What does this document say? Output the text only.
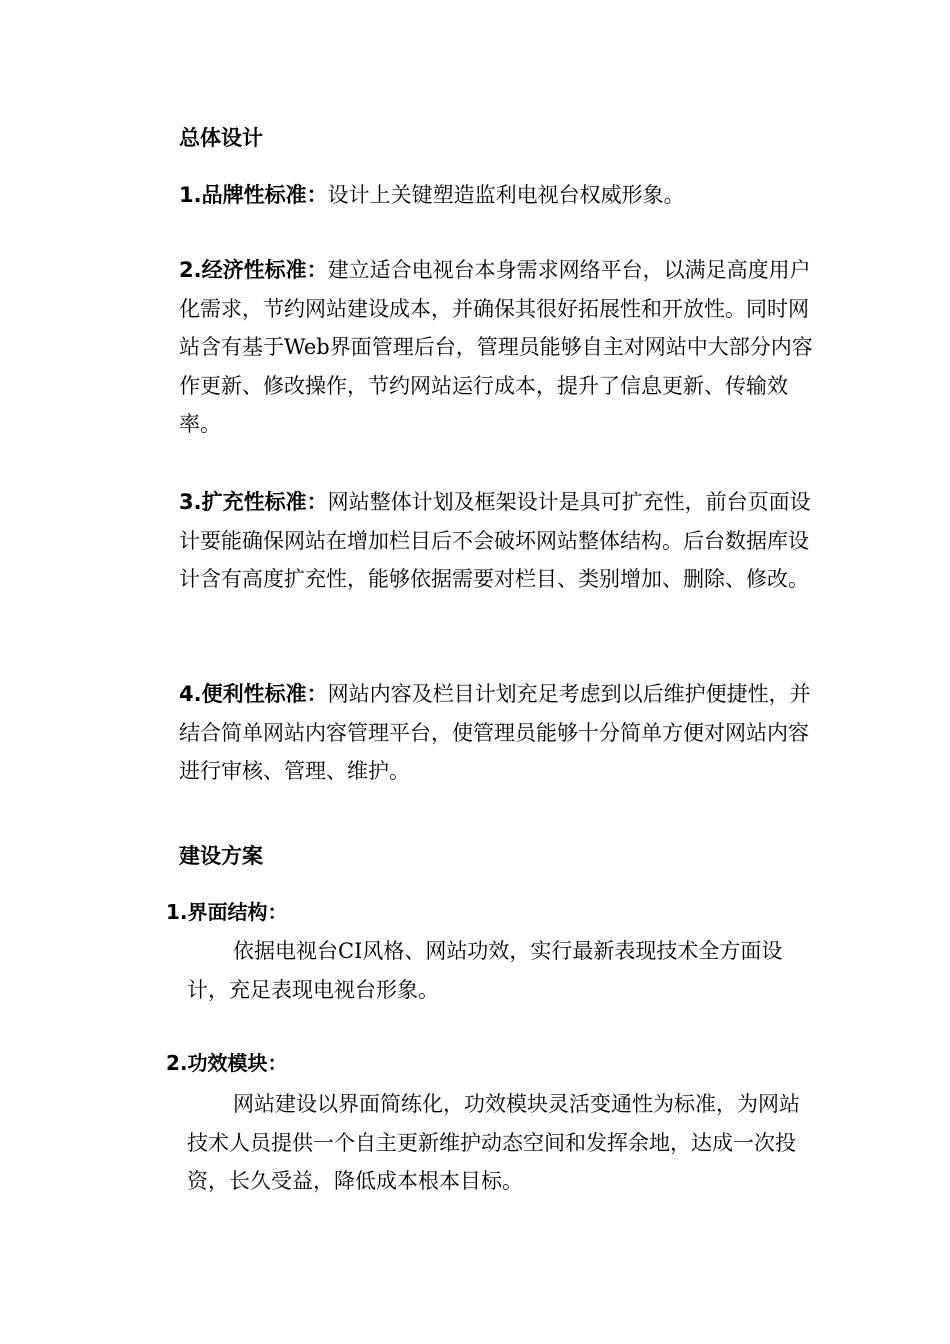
总体设计

1.品牌性标准：设计上关键塑造监利电视台权威形象。

2.经济性标准：建立适合电视台本身需求网络平台，以满足高度用户化需求，节约网站建设成本，并确保其很好拓展性和开放性。同时网站含有基于Web界面管理后台，管理员能够自主对网站中大部分内容作更新、修改操作，节约网站运行成本，提升了信息更新、传输效率。

3.扩充性标准：网站整体计划及框架设计是具可扩充性，前台页面设计要能确保网站在增加栏目后不会破坏网站整体结构。后台数据库设计含有高度扩充性，能够依据需要对栏目、类别增加、删除、修改。

4.便利性标准：网站内容及栏目计划充足考虑到以后维护便捷性，并结合简单网站内容管理平台，使管理员能够十分简单方便对网站内容进行审核、管理、维护。

建设方案
1.界面结构：

依据电视台CI风格、网站功效，实行最新表现技术全方面设计，充足表现电视台形象。

2.功效模块：

网站建设以界面简练化，功效模块灵活变通性为标准，为网站技术人员提供一个自主更新维护动态空间和发挥余地，达成一次投资，长久受益，降低成本根本目标。
